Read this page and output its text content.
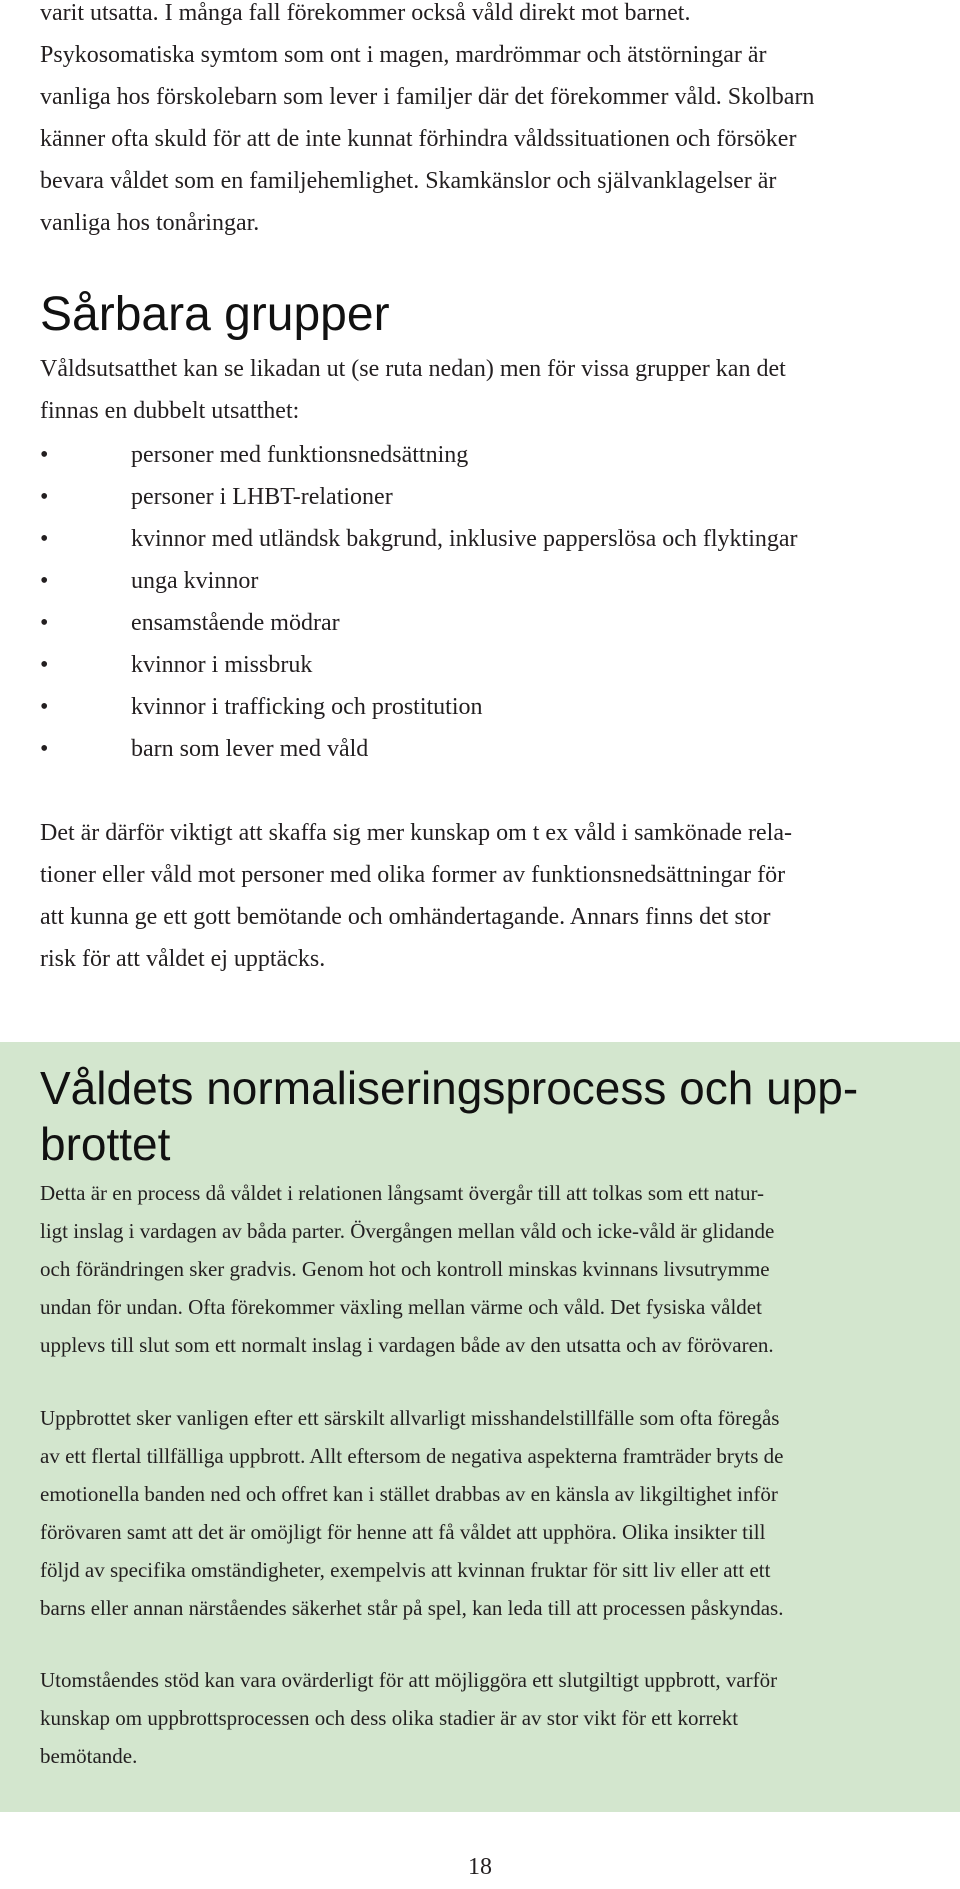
varit utsatta. I många fall förekommer också våld direkt mot barnet.
Psykosomatiska symtom som ont i magen, mardrömmar och ätstörningar är
vanliga hos förskolebarn som lever i familjer där det förekommer våld. Skolbarn
känner ofta skuld för att de inte kunnat förhindra våldssituationen och försöker
bevara våldet som en familjehemlighet. Skamkänslor och självanklagelser är
vanliga hos tonåringar.
Sårbara grupper
Våldsutsatthet kan se likadan ut (se ruta nedan) men för vissa grupper kan det
finnas en dubbelt utsatthet:
•	personer med funktionsnedsättning
•	personer i LHBT-relationer
•	kvinnor med utländsk bakgrund, inklusive papperslösa och flyktingar
•	unga kvinnor
•	ensamstående mödrar
•	kvinnor i missbruk
•	kvinnor i trafficking och prostitution
•	barn som lever med våld
Det är därför viktigt att skaffa sig mer kunskap om t ex våld i samkönade rela-
tioner eller våld mot personer med olika former av funktionsnedsättningar för
att kunna ge ett gott bemötande och omhändertagande. Annars finns det stor
risk för att våldet ej upptäcks.
Våldets normaliseringsprocess och upp-
brottet
Detta är en process då våldet i relationen långsamt övergår till att tolkas som ett natur-
ligt inslag i vardagen av båda parter. Övergången mellan våld och icke-våld är glidande
och förändringen sker gradvis. Genom hot och kontroll minskas kvinnans livsutrymme
undan för undan. Ofta förekommer växling mellan värme och våld. Det fysiska våldet
upplevs till slut som ett normalt inslag i vardagen både av den utsatta och av förövaren.
Uppbrottet sker vanligen efter ett särskilt allvarligt misshandelstillfälle som ofta föregås
av ett flertal tillfälliga uppbrott. Allt eftersom de negativa aspekterna framträder bryts de
emotionella banden ned och offret kan i stället drabbas av en känsla av likgiltighet inför
förövaren samt att det är omöjligt för henne att få våldet att upphöra. Olika insikter till
följd av specifika omständigheter, exempelvis att kvinnan fruktar för sitt liv eller att ett
barns eller annan närståendes säkerhet står på spel, kan leda till att processen påskyndas.
Utomståendes stöd kan vara ovärderligt för att möjliggöra ett slutgiltigt uppbrott, varför
kunskap om uppbrottsprocessen och dess olika stadier är av stor vikt för ett korrekt
bemötande.
18
